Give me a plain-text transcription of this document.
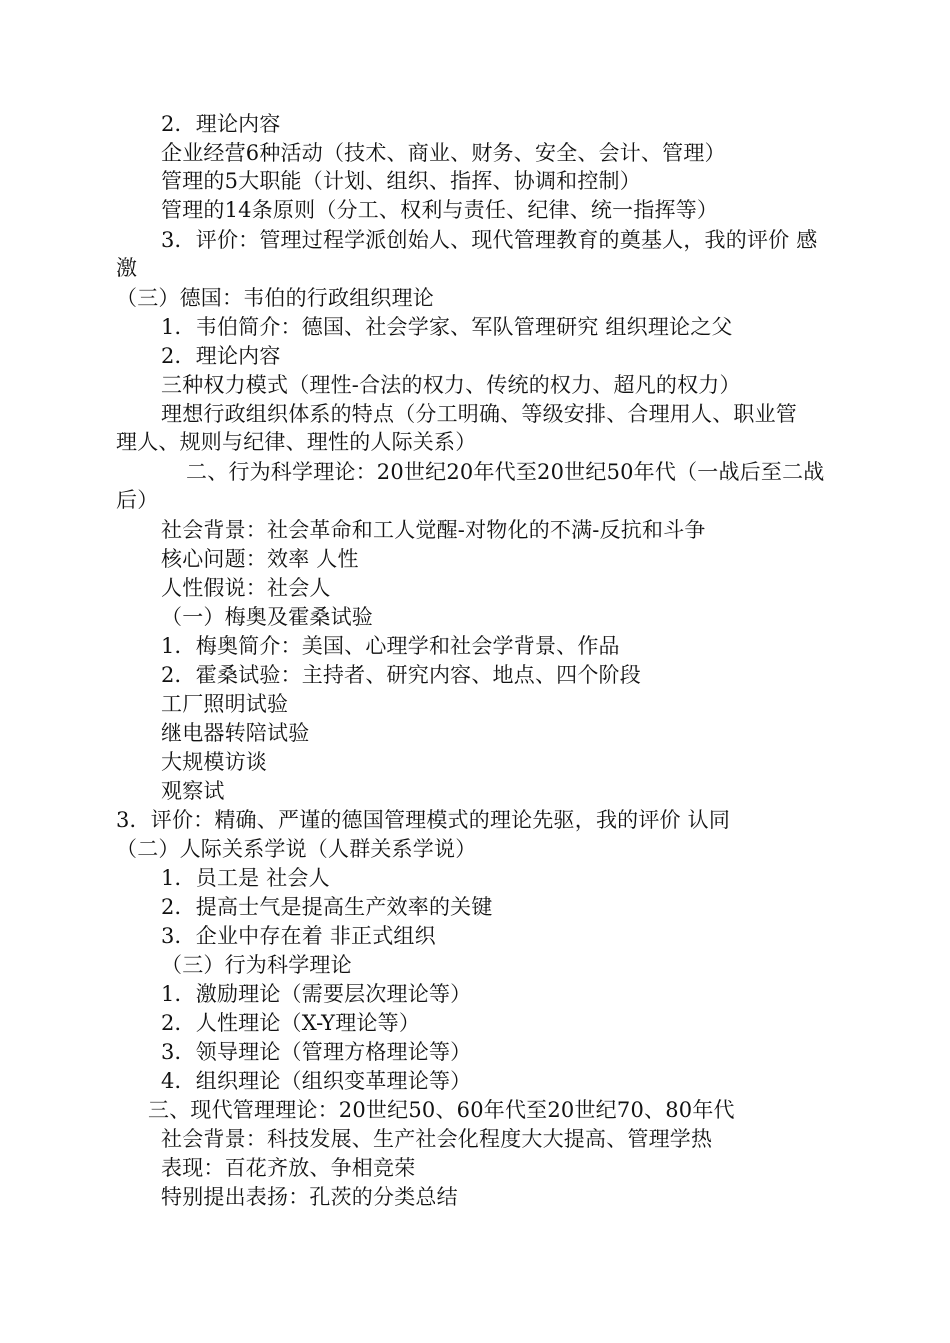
2．理论内容
企业经营6种活动（技术、商业、财务、安全、会计、管理）
管理的5大职能（计划、组织、指挥、协调和控制）
管理的14条原则（分工、权利与责任、纪律、统一指挥等）
3．评价：管理过程学派创始人、现代管理教育的奠基人，我的评价 感
激
（三）德国：韦伯的行政组织理论
1．韦伯简介：德国、社会学家、军队管理研究 组织理论之父
2．理论内容
三种权力模式（理性-合法的权力、传统的权力、超凡的权力）
理想行政组织体系的特点（分工明确、等级安排、合理用人、职业管
理人、规则与纪律、理性的人际关系）
二、行为科学理论：20世纪20年代至20世纪50年代（一战后至二战
后）
社会背景：社会革命和工人觉醒-对物化的不满-反抗和斗争
核心问题：效率 人性
人性假说：社会人
（一）梅奥及霍桑试验
1．梅奥简介：美国、心理学和社会学背景、作品
2．霍桑试验：主持者、研究内容、地点、四个阶段
工厂照明试验
继电器转陪试验
大规模访谈
观察试
3．评价：精确、严谨的德国管理模式的理论先驱，我的评价 认同
（二）人际关系学说（人群关系学说）
1．员工是 社会人
2．提高士气是提高生产效率的关键
3．企业中存在着 非正式组织
（三）行为科学理论
1．激励理论（需要层次理论等）
2．人性理论（X-Y理论等）
3．领导理论（管理方格理论等）
4．组织理论（组织变革理论等）
三、现代管理理论：20世纪50、60年代至20世纪70、80年代
社会背景：科技发展、生产社会化程度大大提高、管理学热
表现：百花齐放、争相竞荣
特别提出表扬：孔茨的分类总结
